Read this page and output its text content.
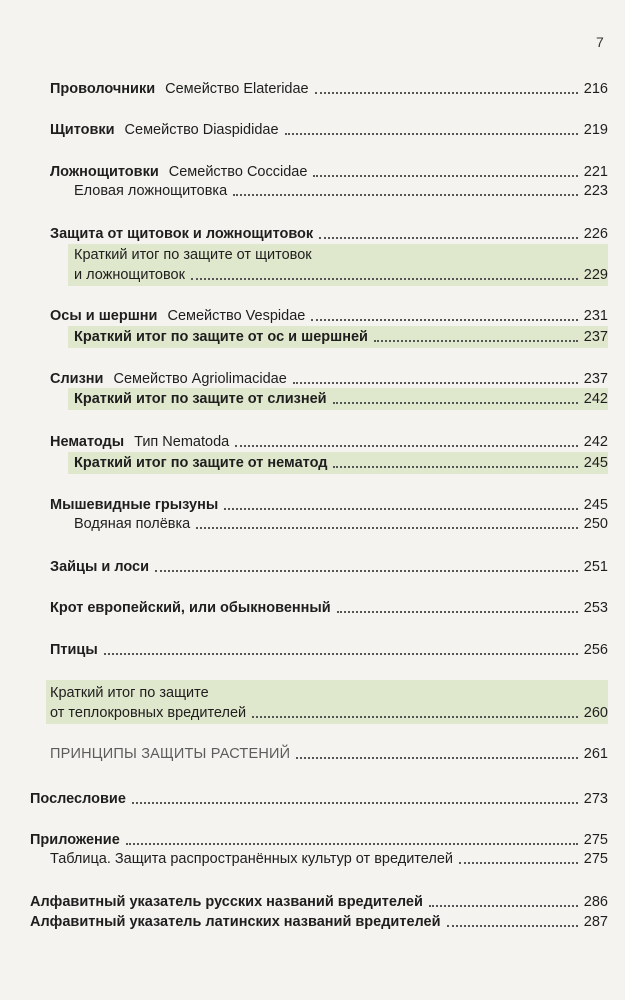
7
Проволочники Семейство Elateridae	216
Щитовки Семейство Diaspididae	219
Ложнощитовки Семейство Coccidae	221
Еловая ложнощитовка	223
Защита от щитовок и ложнощитовок	226
Краткий итог по защите от щитовок
и ложнощитовок	229
Осы и шершни Семейство Vespidae	231
Краткий итог по защите от ос и шершней	237
Слизни Семейство Agriolimacidae	237
Краткий итог по защите от слизней	242
Нематоды Тип Nematoda	242
Краткий итог по защите от нематод	245
Мышевидные грызуны	245
Водяная полёвка	250
Зайцы и лоси	251
Крот европейский, или обыкновенный	253
Птицы	256
Краткий итог по защите
от теплокровных вредителей	260
ПРИНЦИПЫ ЗАЩИТЫ РАСТЕНИЙ	261
Послесловие	273
Приложение	275
Таблица. Защита распространённых культур от вредителей	275
Алфавитный указатель русских названий вредителей	286
Алфавитный указатель латинских названий вредителей	287
